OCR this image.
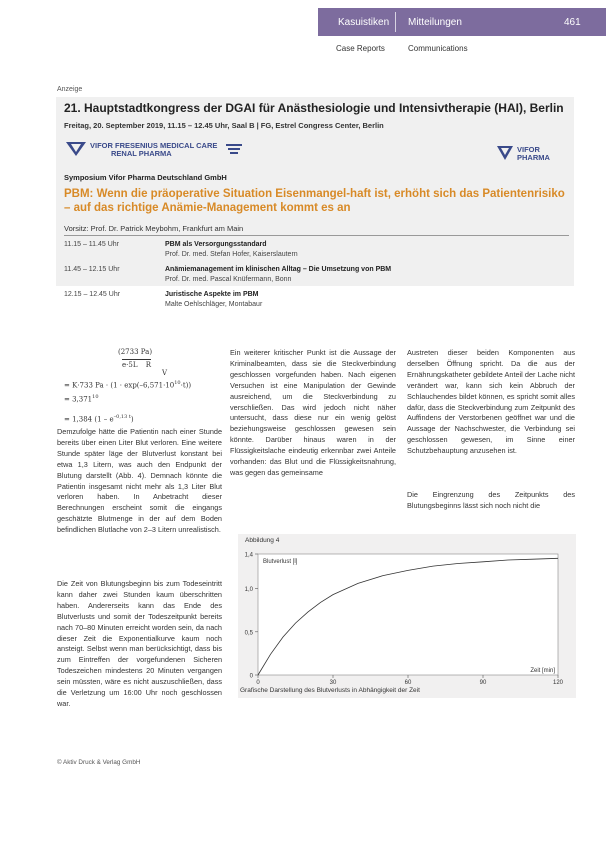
Kasuistiken Mitteilungen	461
Case Reports	Communications
Anzeige
21. Hauptstadtkongress der DGAI für Anästhesiologie und Intensivtherapie (HAI), Berlin
Freitag, 20. September 2019, 11.15 – 12.45 Uhr, Saal B | FG, Estrel Congress Center, Berlin
VIFOR FRESENIUS MEDICAL CARE
RENAL PHARMA	VIFOR
PHARMA
Symposium Vifor Pharma Deutschland GmbH
PBM: Wenn die präoperative Situation Eisenmangel-haft ist, erhöht sich das Patientenrisiko – auf das richtige Anämie-Management kommt es an
Vorsitz: Prof. Dr. Patrick Meybohm, Frankfurt am Main
11.15 – 11.45 Uhr	PBM als Versorgungsstandard
Prof. Dr. med. Stefan Hofer, Kaiserslautern
11.45 – 12.15 Uhr	Anämiemanagement im klinischen Alltag – Die Umsetzung von PBM
Prof. Dr. med. Pascal Knüfermann, Bonn
12.15 – 12.45 Uhr	Juristische Aspekte im PBM
Malte Oehlschläger, Montabaur
(2733 Pa)
e·5L R
V
= K·733 $Pa \cdot (1 \cdot \exp(-6,571\cdot 10^{10}\cdot t))$
= $3,371^{10}$
= 1,384 $(1 - e^{-0,13 t})$
Demzufolge hätte die Patientin nach einer Stunde bereits über einen Liter Blut verloren. Eine weitere Stunde später läge der Blutverlust konstant bei etwa 1,3 Litern, was auch den Endpunkt der Blutung darstellt (Abb. 4). Demnach könnte die Patientin insgesamt nicht mehr als 1,3 Liter Blut verloren haben. In Anbetracht dieser Berechnungen erscheint somit die eingangs geschätzte Blutmenge in der auf dem Boden befindlichen Blutlache von 2–3 Litern unrealistisch.
Die Zeit von Blutungsbeginn bis zum Todeseintritt kann daher zwei Stunden kaum überschritten haben. Andererseits kann das Ende des Blutverlusts und somit der Todeszeitpunkt bereits nach 70–80 Minuten erreicht worden sein, da nach dieser Zeit die Exponentialkurve kaum noch ansteigt. Selbst wenn man berücksichtigt, dass bis zum Eintreffen der vorgefundenen Sicheren Todeszeichen mindestens 20 Minuten vergangen sein müssten, wäre es nicht auszuschließen, dass die Verletzung um 16:00 Uhr noch geschlossen war.
Ein weiterer kritischer Punkt ist die Aussage der Kriminalbeamten, dass sie die Steckverbindung geschlossen vorgefunden haben. Nach eigenen Versuchen ist eine Manipulation der Gewinde ausreichend, um die Steckverbindung zu verschließen. Das wird jedoch nicht näher untersucht, dass diese nur ein wenig gelöst beziehungsweise geschlossen gewesen sein könnte. Darüber hinaus waren in der Flüssigkeitslache eindeutig erkennbar zwei Anteile vorhanden: das Blut und die Flüssigkeitsnahrung, was gegen das gemeinsame
Austreten dieser beiden Komponenten aus derselben Öffnung spricht. Da die aus der Ernährungskatheter gebildete Anteil der Lache nicht verändert war, kann sich kein Abbruch der Schlauchendes bildet können, es spricht somit alles dafür, dass die Steckverbindung zum Zeitpunkt des Auffindens der Verstorbenen geöffnet war und die Aussage der Nachschwester, die Verbindung sei geschlossen gewesen, im Sinne einer Schutzbehauptung anzusehen ist.
Die Eingrenzung des Zeitpunkts des Blutungsbeginns lässt sich noch nicht die
Abbildung 4
0
0,5
1,0
1,4
0	30	60	90	120
Blutverlust [l]
Zeit [min]
Grafische Darstellung des Blutverlusts in Abhängigkeit der Zeit
© Aktiv Druck & Verlag GmbH
